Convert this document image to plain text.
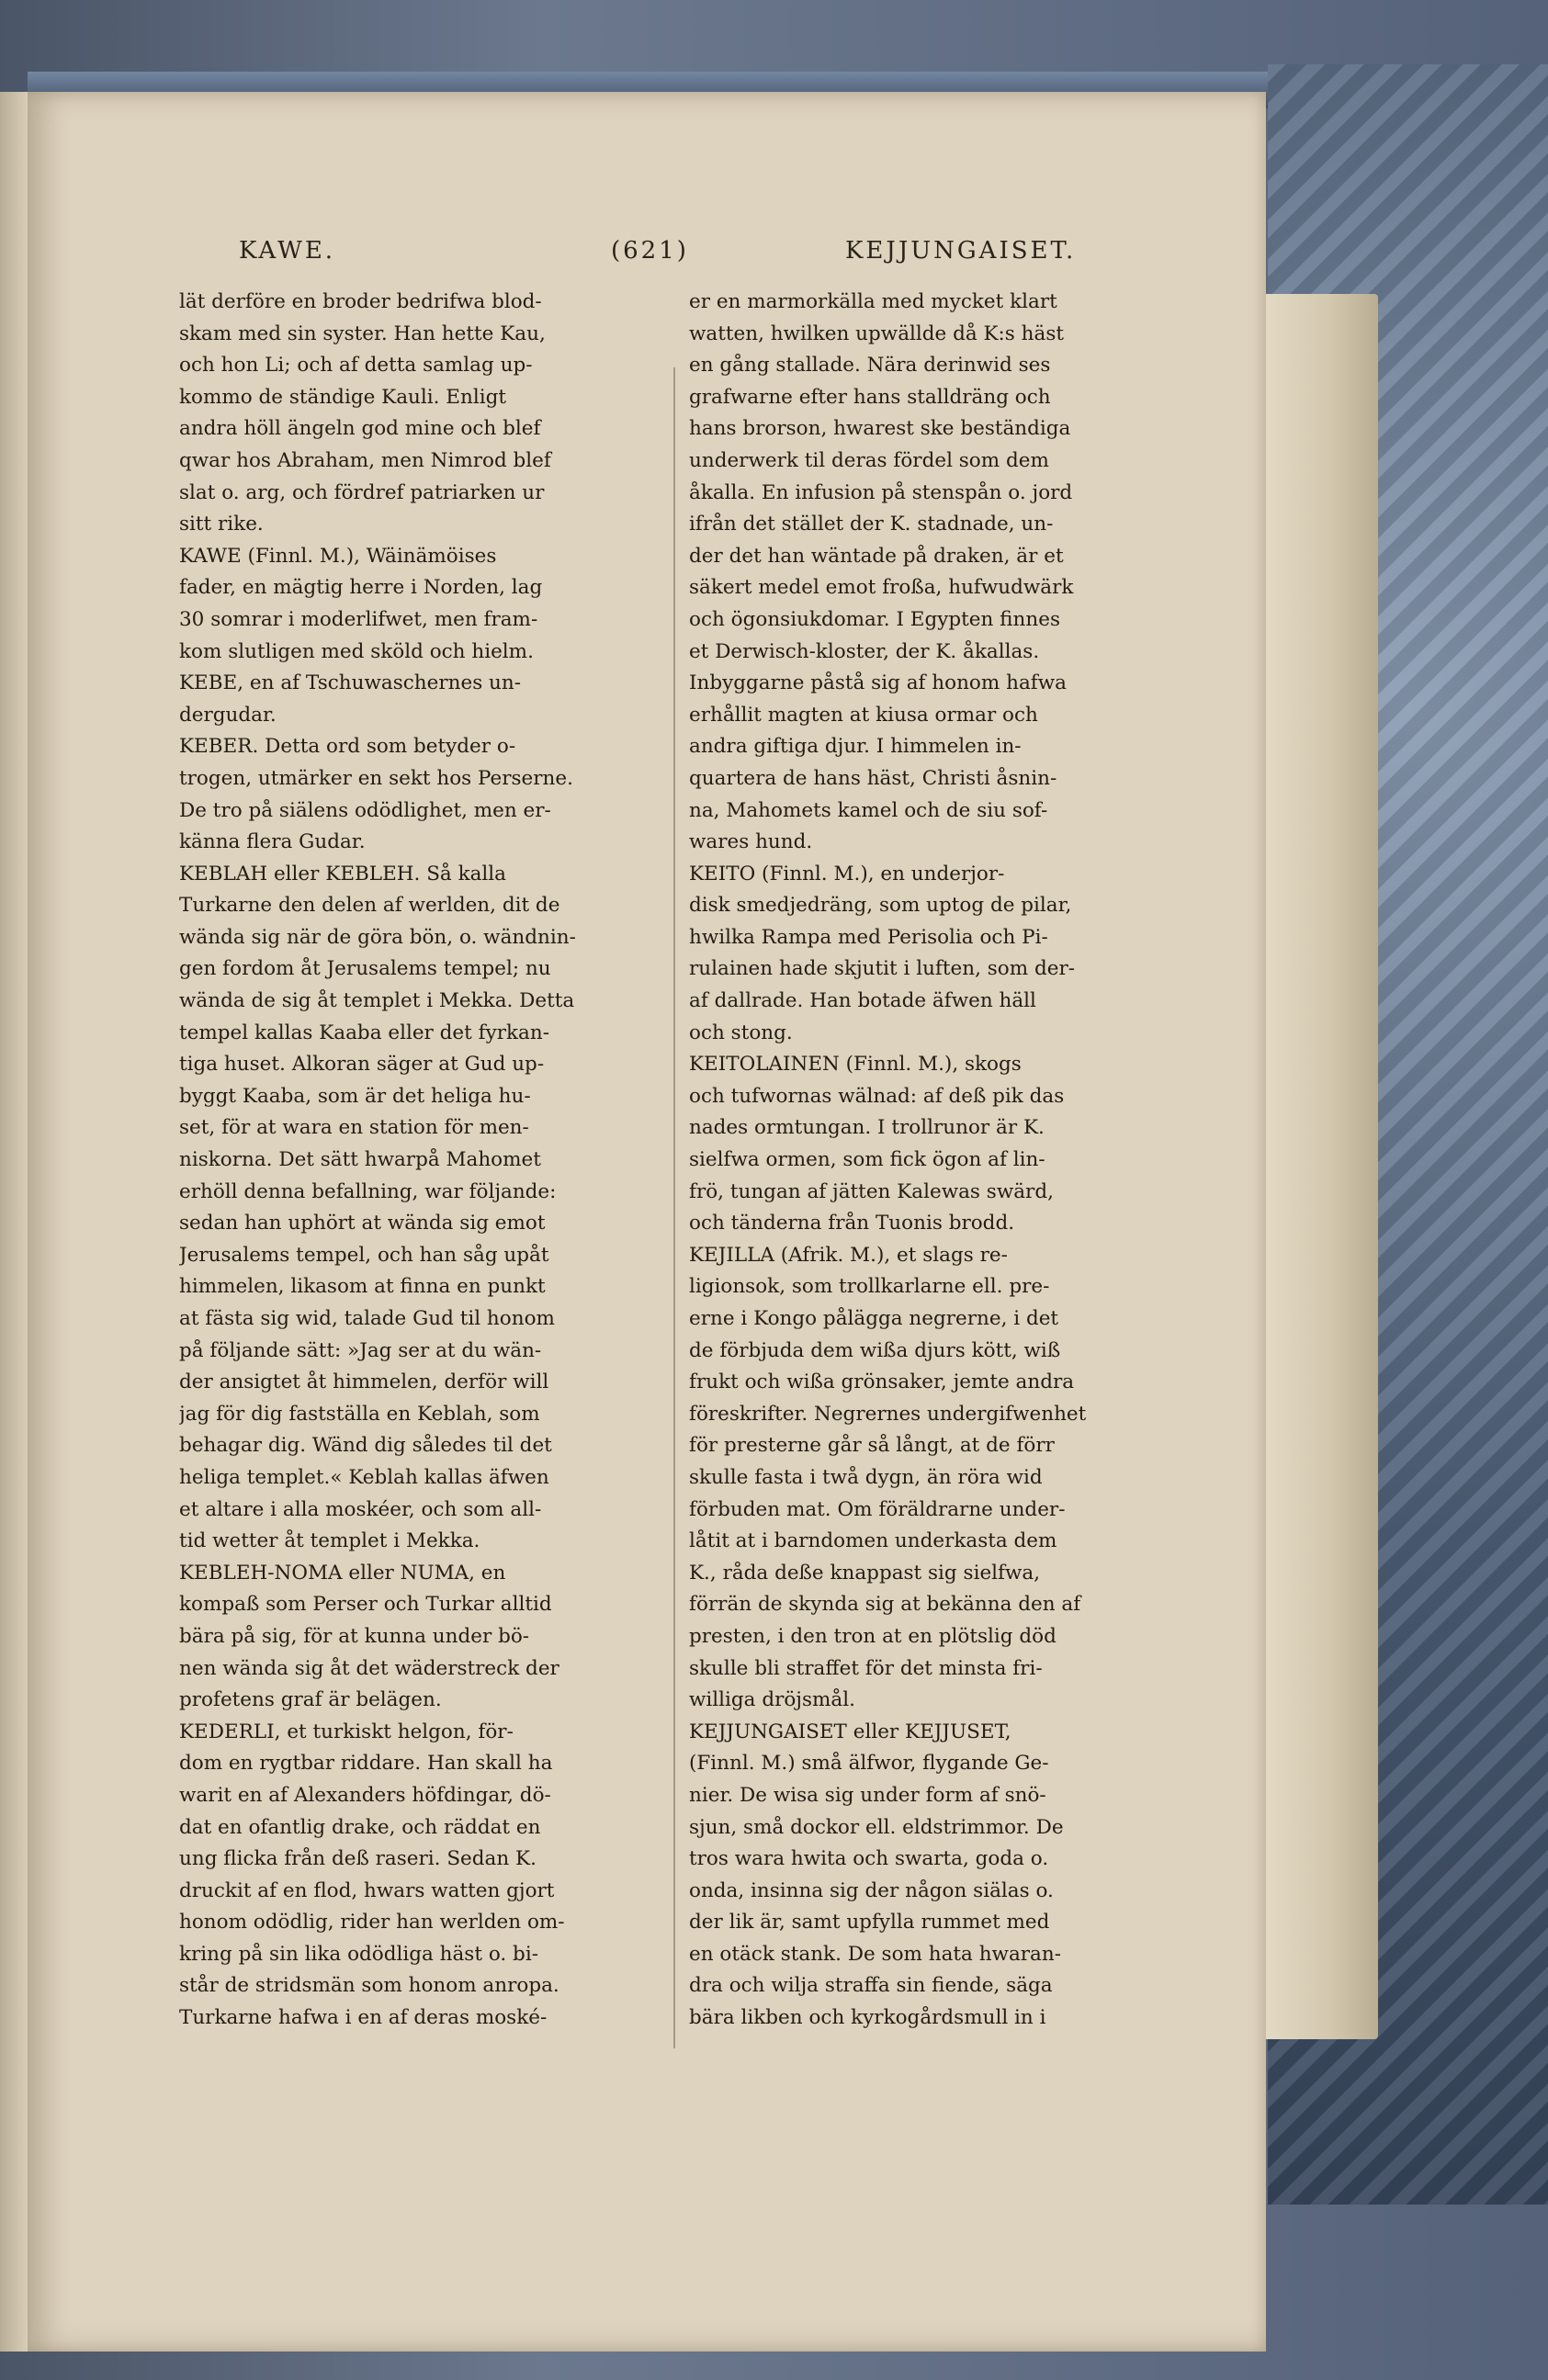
KAWE.	(621)	KEJJUNGAISET.
lät derföre en broder bedrifwa blod-
skam med sin syster. Han hette Kau,
och hon Li; och af detta samlag up-
kommo de ständige Kauli. Enligt
andra höll ängeln god mine och blef
qwar hos Abraham, men Nimrod blef
slat o. arg, och fördref patriarken ur
sitt rike.
KAWE (Finnl. M.), Wäinämöises
fader, en mägtig herre i Norden, lag
30 somrar i moderlifwet, men fram-
kom slutligen med sköld och hielm.
KEBE, en af Tschuwaschernes un-
dergudar.
KEBER. Detta ord som betyder o-
trogen, utmärker en sekt hos Perserne.
De tro på siälens odödlighet, men er-
känna flera Gudar.
KEBLAH eller KEBLEH. Så kalla
Turkarne den delen af werlden, dit de
wända sig när de göra bön, o. wändnin-
gen fordom åt Jerusalems tempel; nu
wända de sig åt templet i Mekka. Detta
tempel kallas Kaaba eller det fyrkan-
tiga huset. Alkoran säger at Gud up-
byggt Kaaba, som är det heliga hu-
set, för at wara en station för men-
niskorna. Det sätt hwarpå Mahomet
erhöll denna befallning, war följande:
sedan han uphört at wända sig emot
Jerusalems tempel, och han såg upåt
himmelen, likasom at finna en punkt
at fästa sig wid, talade Gud til honom
på följande sätt: »Jag ser at du wän-
der ansigtet åt himmelen, derför will
jag för dig fastställa en Keblah, som
behagar dig. Wänd dig således til det
heliga templet.« Keblah kallas äfwen
et altare i alla moskéer, och som all-
tid wetter åt templet i Mekka.
KEBLEH-NOMA eller NUMA, en
kompaß som Perser och Turkar alltid
bära på sig, för at kunna under bö-
nen wända sig åt det wäderstreck der
profetens graf är belägen.
KEDERLI, et turkiskt helgon, för-
dom en rygtbar riddare. Han skall ha
warit en af Alexanders höfdingar, dö-
dat en ofantlig drake, och räddat en
ung flicka från deß raseri. Sedan K.
druckit af en flod, hwars watten gjort
honom odödlig, rider han werlden om-
kring på sin lika odödliga häst o. bi-
står de stridsmän som honom anropa.
Turkarne hafwa i en af deras moské-
er en marmorkälla med mycket klart
watten, hwilken upwällde då K:s häst
en gång stallade. Nära derinwid ses
grafwarne efter hans stalldräng och
hans brorson, hwarest ske beständiga
underwerk til deras fördel som dem
åkalla. En infusion på stenspån o. jord
ifrån det stället der K. stadnade, un-
der det han wäntade på draken, är et
säkert medel emot froßa, hufwudwärk
och ögonsiukdomar. I Egypten finnes
et Derwisch-kloster, der K. åkallas.
Inbyggarne påstå sig af honom hafwa
erhållit magten at kiusa ormar och
andra giftiga djur. I himmelen in-
quartera de hans häst, Christi åsnin-
na, Mahomets kamel och de siu sof-
wares hund.
KEITO (Finnl. M.), en underjor-
disk smedjedräng, som uptog de pilar,
hwilka Rampa med Perisolia och Pi-
rulainen hade skjutit i luften, som der-
af dallrade. Han botade äfwen häll
och stong.
KEITOLAINEN (Finnl. M.), skogs
och tufwornas wälnad: af deß pik das
nades ormtungan. I trollrunor är K.
sielfwa ormen, som fick ögon af lin-
frö, tungan af jätten Kalewas swärd,
och tänderna från Tuonis brodd.
KEJILLA (Afrik. M.), et slags re-
ligionsok, som trollkarlarne ell. pre-
erne i Kongo pålägga negrerne, i det
de förbjuda dem wißa djurs kött, wiß
frukt och wißa grönsaker, jemte andra
föreskrifter. Negrernes undergifwenhet
för presterne går så långt, at de förr
skulle fasta i twå dygn, än röra wid
förbuden mat. Om föräldrarne under-
låtit at i barndomen underkasta dem
K., råda deße knappast sig sielfwa,
förrän de skynda sig at bekänna den af
presten, i den tron at en plötslig död
skulle bli straffet för det minsta fri-
williga dröjsmål.
KEJJUNGAISET eller KEJJUSET,
(Finnl. M.) små älfwor, flygande Ge-
nier. De wisa sig under form af snö-
sjun, små dockor ell. eldstrimmor. De
tros wara hwita och swarta, goda o.
onda, insinna sig der någon siälas o.
der lik är, samt upfylla rummet med
en otäck stank. De som hata hwaran-
dra och wilja straffa sin fiende, säga
bära likben och kyrkogårdsmull in i
